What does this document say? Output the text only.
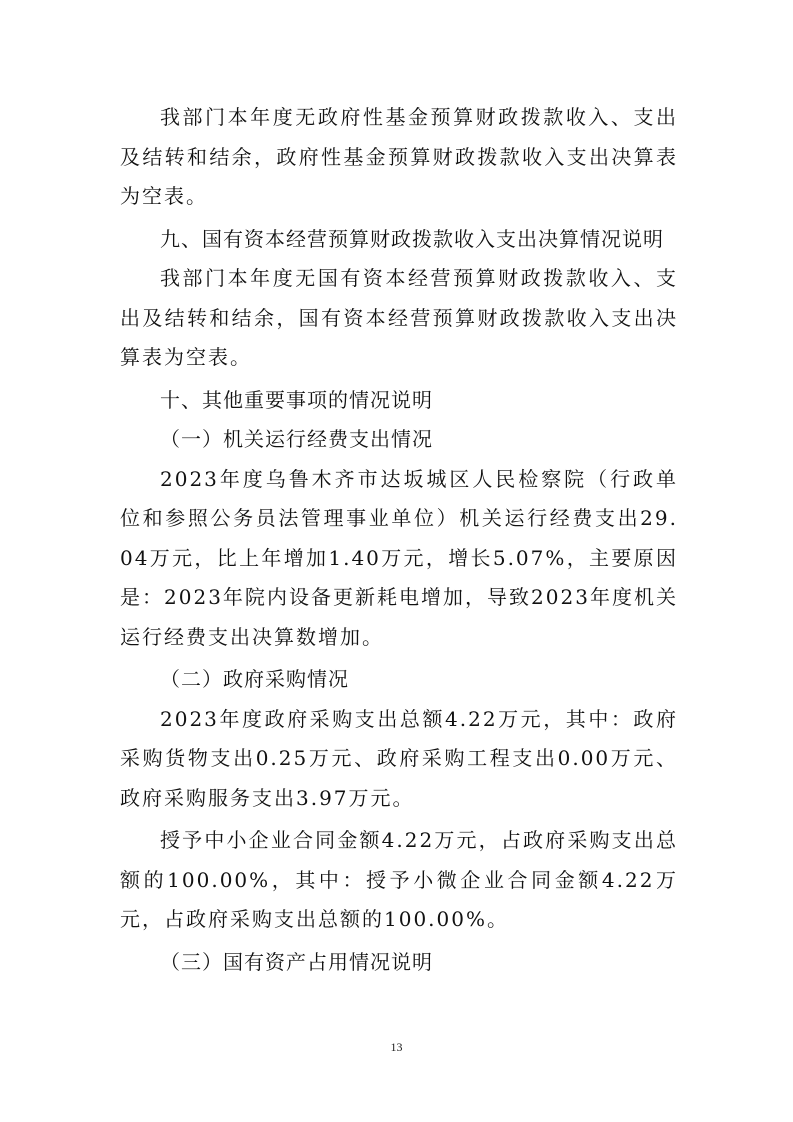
我部门本年度无政府性基金预算财政拨款收入、支出及结转和结余，政府性基金预算财政拨款收入支出决算表为空表。

九、国有资本经营预算财政拨款收入支出决算情况说明

我部门本年度无国有资本经营预算财政拨款收入、支出及结转和结余，国有资本经营预算财政拨款收入支出决算表为空表。

十、其他重要事项的情况说明

（一）机关运行经费支出情况

2023年度乌鲁木齐市达坂城区人民检察院（行政单位和参照公务员法管理事业单位）机关运行经费支出29.04万元，比上年增加1.40万元，增长5.07%，主要原因是：2023年院内设备更新耗电增加，导致2023年度机关运行经费支出决算数增加。

（二）政府采购情况

2023年度政府采购支出总额4.22万元，其中：政府采购货物支出0.25万元、政府采购工程支出0.00万元、政府采购服务支出3.97万元。

授予中小企业合同金额4.22万元，占政府采购支出总额的100.00%，其中：授予小微企业合同金额4.22万元，占政府采购支出总额的100.00%。

（三）国有资产占用情况说明

13
